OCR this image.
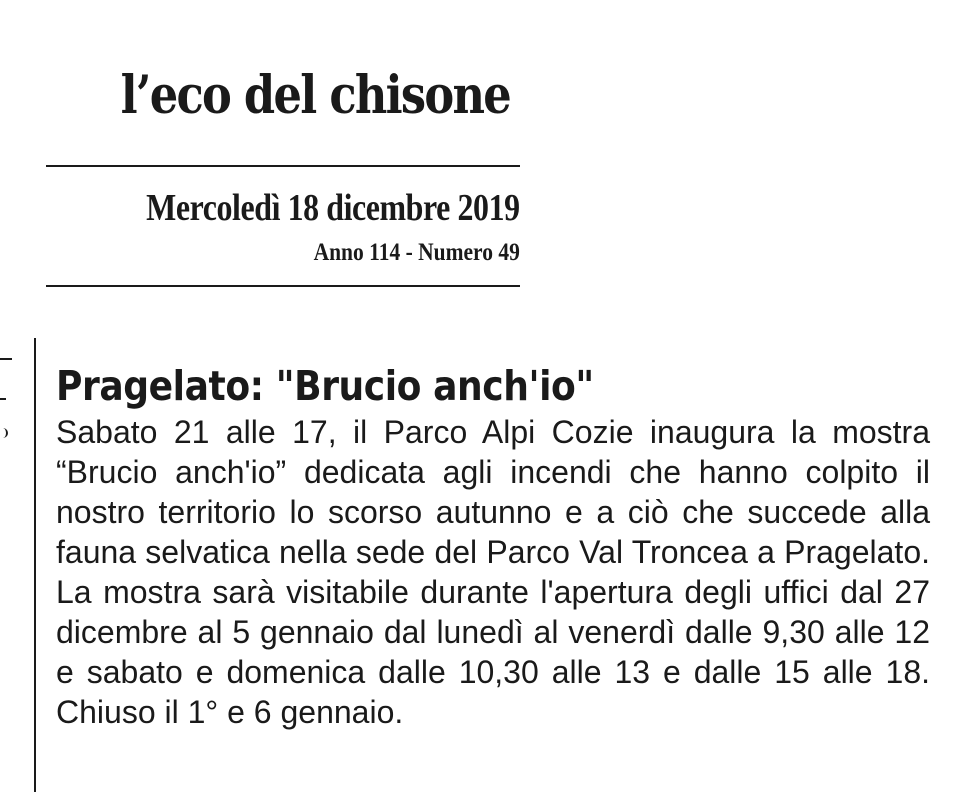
l’eco del chisone
Mercoledì 18 dicembre 2019
Anno 114 - Numero 49
Pragelato: "Brucio anch'io"

Sabato 21 alle 17, il Parco Alpi Cozie inaugura la mostra “Brucio anch'io” dedicata agli incendi che hanno colpito il nostro territorio lo scorso autunno e a ciò che succede alla fauna selvatica nella sede del Parco Val Troncea a Pragelato. La mostra sarà visitabile durante l'apertura degli uffici dal 27 dicembre al 5 gennaio dal lunedì al venerdì dalle 9,30 alle 12 e sabato e domenica dalle 10,30 alle 13 e dalle 15 alle 18. Chiuso il 1° e 6 gennaio.
